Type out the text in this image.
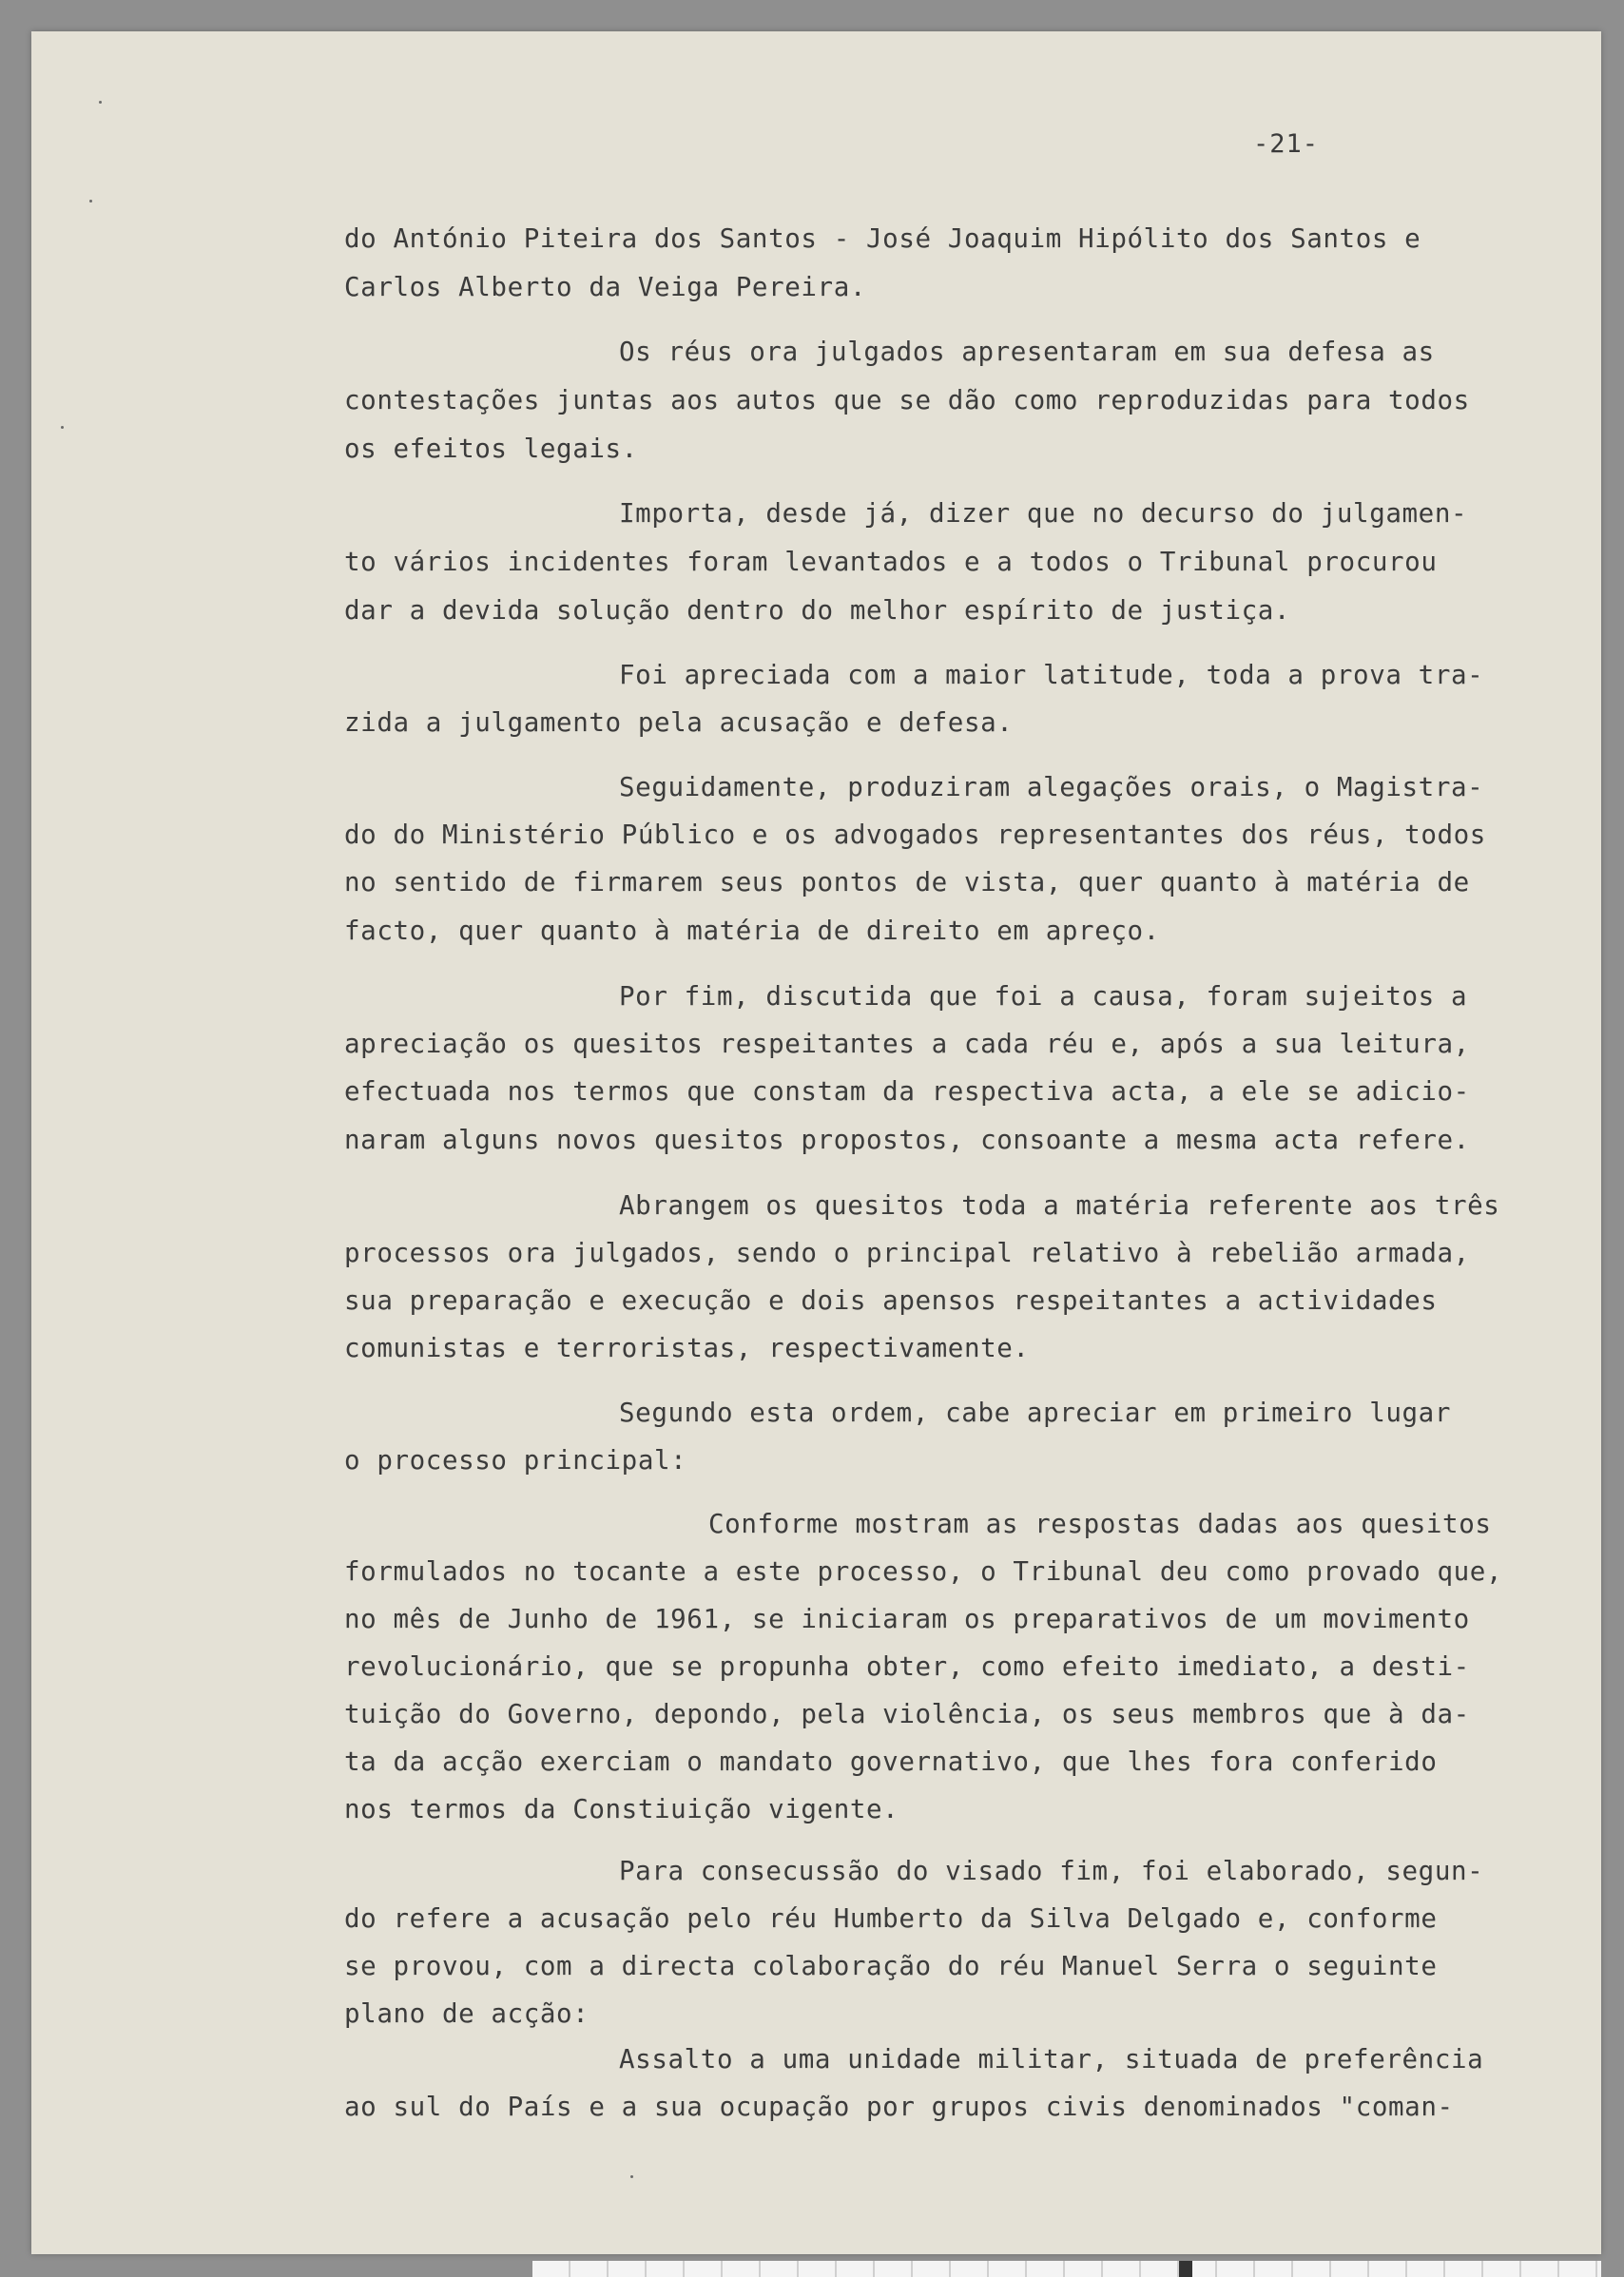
-21-
do António Piteira dos Santos - José Joaquim Hipólito dos Santos e
Carlos Alberto da Veiga Pereira.
Os réus ora julgados apresentaram em sua defesa as
contestações juntas aos autos que se dão como reproduzidas para todos
os efeitos legais.
Importa, desde já, dizer que no decurso do julgamen-
to vários incidentes foram levantados e a todos o Tribunal procurou
dar a devida solução dentro do melhor espírito de justiça.
Foi apreciada com a maior latitude, toda a prova tra-
zida a julgamento pela acusação e defesa.
Seguidamente, produziram alegações orais, o Magistra-
do do Ministério Público e os advogados representantes dos réus, todos
no sentido de firmarem seus pontos de vista, quer quanto à matéria de
facto, quer quanto à matéria de direito em apreço.
Por fim, discutida que foi a causa, foram sujeitos a
apreciação os quesitos respeitantes a cada réu e, após a sua leitura,
efectuada nos termos que constam da respectiva acta, a ele se adicio-
naram alguns novos quesitos propostos, consoante a mesma acta refere.
Abrangem os quesitos toda a matéria referente aos três
processos ora julgados, sendo o principal relativo à rebelião armada,
sua preparação e execução e dois apensos respeitantes a actividades
comunistas e terroristas, respectivamente.
Segundo esta ordem, cabe apreciar em primeiro lugar
o processo principal:
Conforme mostram as respostas dadas aos quesitos
formulados no tocante a este processo, o Tribunal deu como provado que,
no mês de Junho de 1961, se iniciaram os preparativos de um movimento
revolucionário, que se propunha obter, como efeito imediato, a desti-
tuição do Governo, depondo, pela violência, os seus membros que à da-
ta da acção exerciam o mandato governativo, que lhes fora conferido
nos termos da Constiuição vigente.
Para consecussão do visado fim, foi elaborado, segun-
do refere a acusação pelo réu Humberto da Silva Delgado e, conforme
se provou, com a directa colaboração do réu Manuel Serra o seguinte
plano de acção:
Assalto a uma unidade militar, situada de preferência
ao sul do País e a sua ocupação por grupos civis denominados "coman-
